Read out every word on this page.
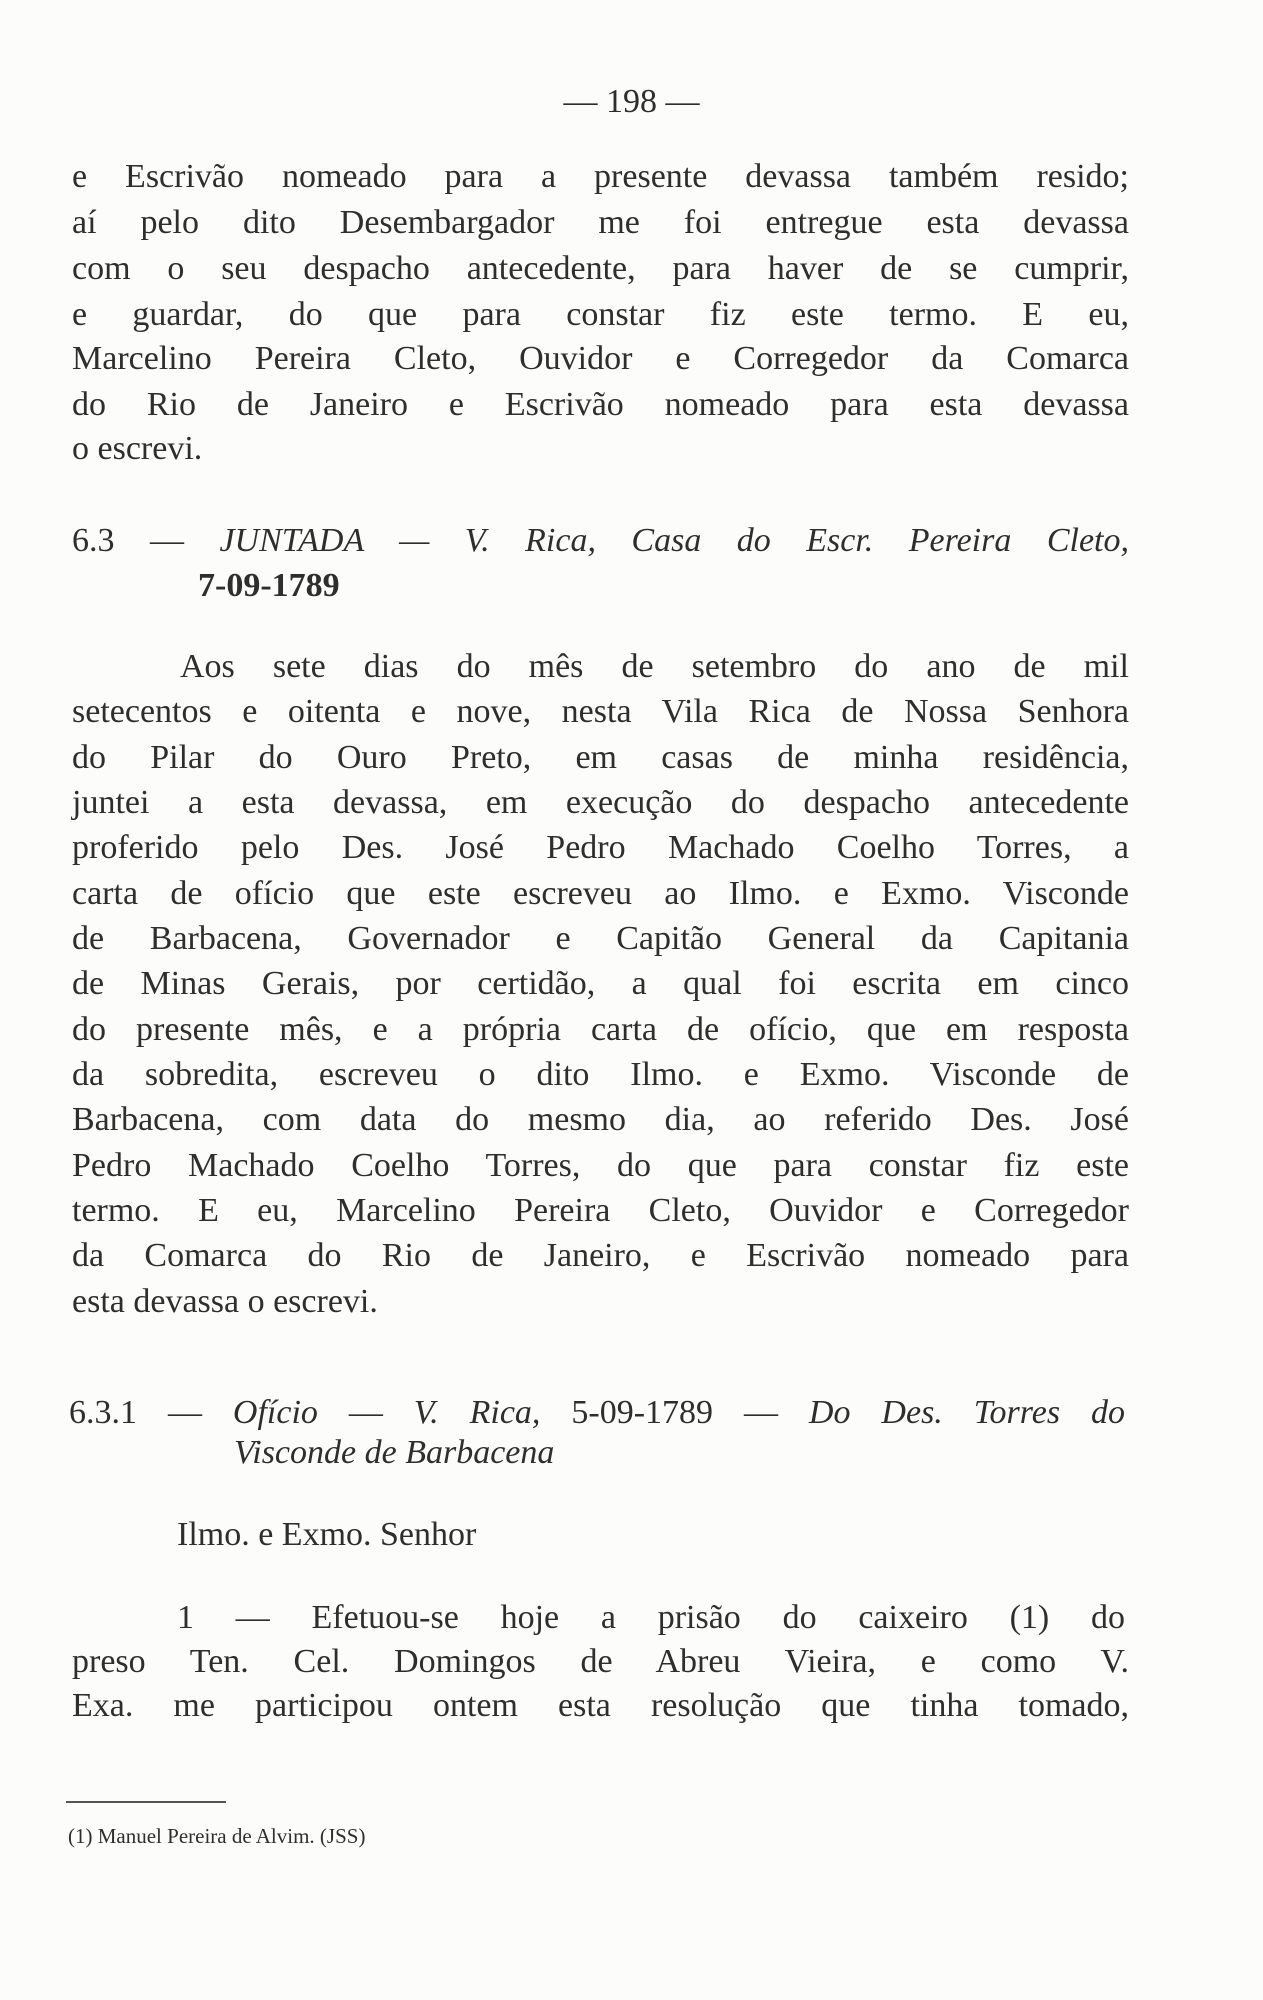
— 198 —
e Escrivão nomeado para a presente devassa também resido;
aí pelo dito Desembargador me foi entregue esta devassa
com o seu despacho antecedente, para haver de se cumprir,
e guardar, do que para constar fiz este termo. E eu,
Marcelino Pereira Cleto, Ouvidor e Corregedor da Comarca
do Rio de Janeiro e Escrivão nomeado para esta devassa
o escrevi.
6.3 — JUNTADA — V. Rica, Casa do Escr. Pereira Cleto,
7-09-1789
Aos sete dias do mês de setembro do ano de mil
setecentos e oitenta e nove, nesta Vila Rica de Nossa Senhora
do Pilar do Ouro Preto, em casas de minha residência,
juntei a esta devassa, em execução do despacho antecedente
proferido pelo Des. José Pedro Machado Coelho Torres, a
carta de ofício que este escreveu ao Ilmo. e Exmo. Visconde
de Barbacena, Governador e Capitão General da Capitania
de Minas Gerais, por certidão, a qual foi escrita em cinco
do presente mês, e a própria carta de ofício, que em resposta
da sobredita, escreveu o dito Ilmo. e Exmo. Visconde de
Barbacena, com data do mesmo dia, ao referido Des. José
Pedro Machado Coelho Torres, do que para constar fiz este
termo. E eu, Marcelino Pereira Cleto, Ouvidor e Corregedor
da Comarca do Rio de Janeiro, e Escrivão nomeado para
esta devassa o escrevi.
6.3.1 — Ofício — V. Rica, 5-09-1789 — Do Des. Torres do
Visconde de Barbacena
Ilmo. e Exmo. Senhor
1 — Efetuou-se hoje a prisão do caixeiro (1) do
preso Ten. Cel. Domingos de Abreu Vieira, e como V.
Exa. me participou ontem esta resolução que tinha tomado,
(1) Manuel Pereira de Alvim. (JSS)
